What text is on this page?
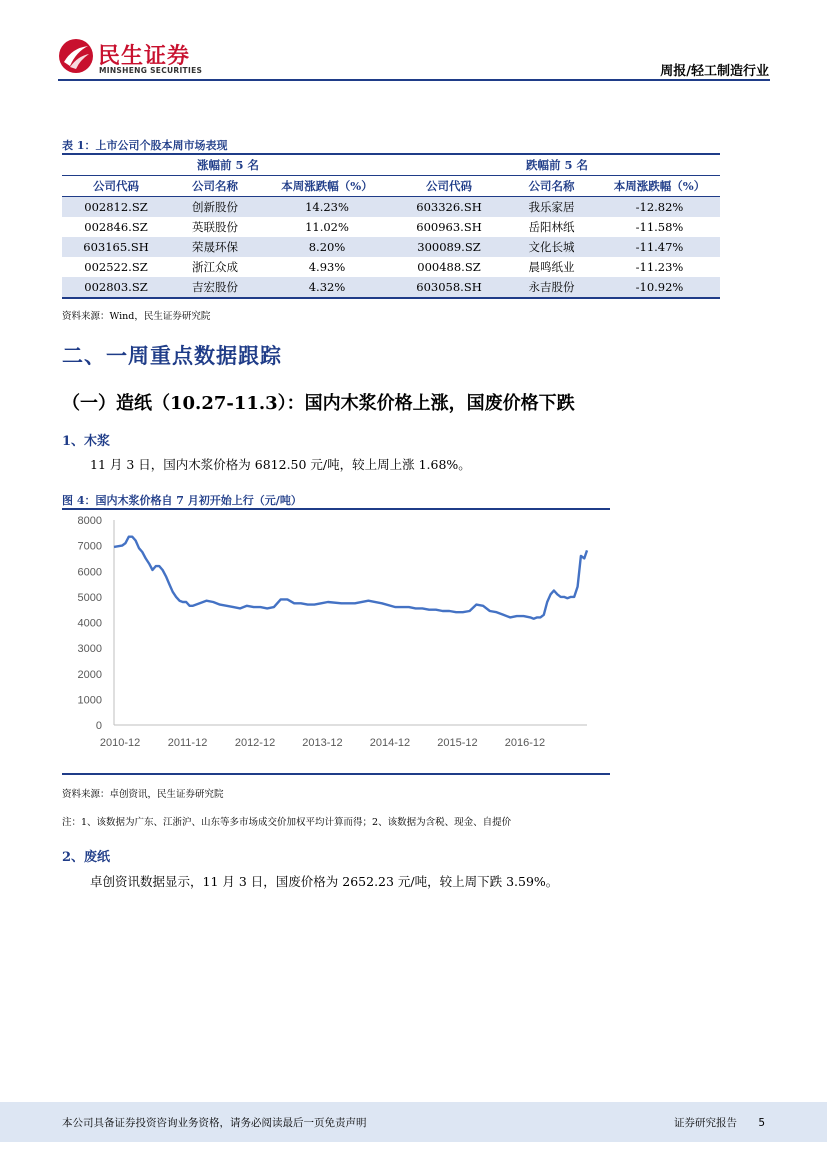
民生证券
MINSHENG SECURITIES	周报/轻工制造行业
表 1：上市公司个股本周市场表现
涨幅前 5 名			跌幅前 5 名		
公司代码	公司名称	本周涨跌幅（%）	公司代码	公司名称	本周涨跌幅（%）
002812.SZ	创新股份	14.23%	603326.SH	我乐家居	-12.82%
002846.SZ	英联股份	11.02%	600963.SH	岳阳林纸	-11.58%
603165.SH	荣晟环保	8.20%	300089.SZ	文化长城	-11.47%
002522.SZ	浙江众成	4.93%	000488.SZ	晨鸣纸业	-11.23%
002803.SZ	吉宏股份	4.32%	603058.SH	永吉股份	-10.92%
资料来源：Wind，民生证券研究院
二、一周重点数据跟踪
（一）造纸（10.27-11.3）：国内木浆价格上涨，国废价格下跌
1、木浆
11 月 3 日，国内木浆价格为 6812.50 元/吨，较上周上涨 1.68%。
图 4：国内木浆价格自 7 月初开始上行（元/吨）
0
1000
2000
3000
4000
5000
6000
7000
8000
2010-12	2011-12	2012-12 2013-12 2014-12 2015-12 2016-12
资料来源：卓创资讯，民生证券研究院
注：1、该数据为广东、江浙沪、山东等多市场成交价加权平均计算而得；2、该数据为含税、现金、自提价
2、废纸
卓创资讯数据显示，11 月 3 日，国废价格为 2652.23 元/吨，较上周下跌 3.59%。
本公司具备证券投资咨询业务资格，请务必阅读最后一页免责声明	证券研究报告 5
